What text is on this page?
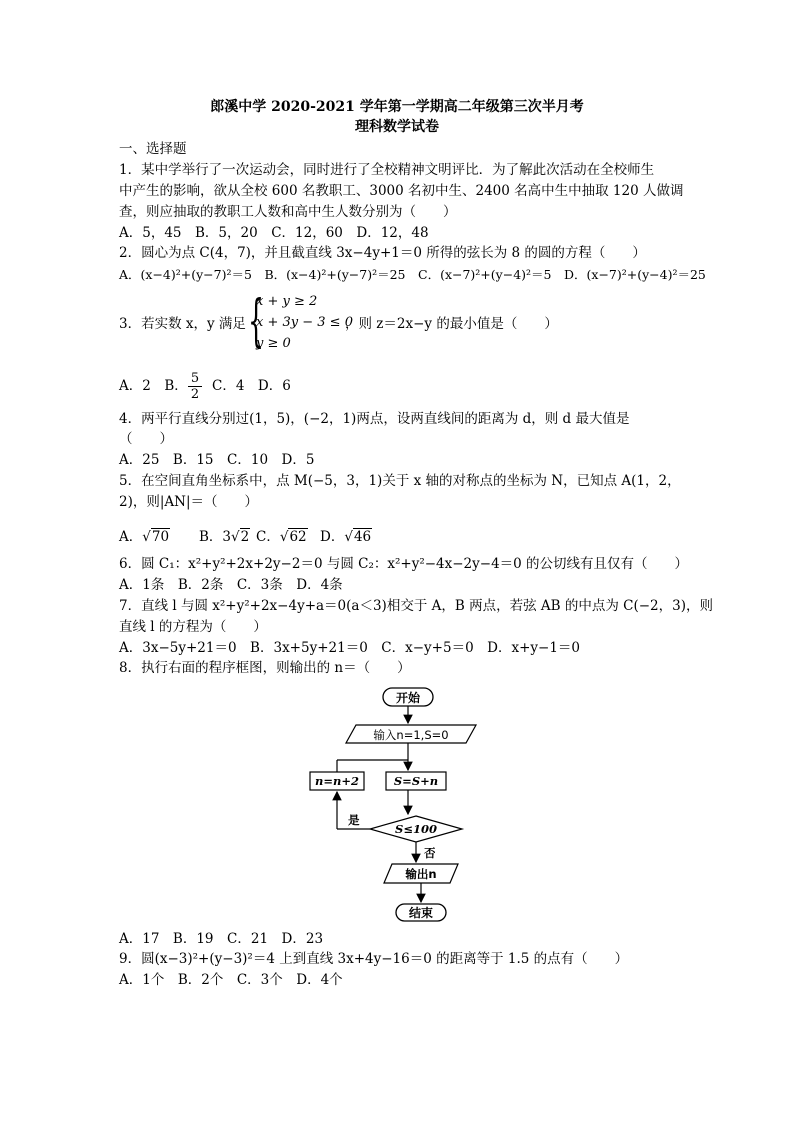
郎溪中学 2020-2021 学年第一学期高二年级第三次半月考
理科数学试卷
一、选择题
1．某中学举行了一次运动会，同时进行了全校精神文明评比．为了解此次活动在全校师生
中产生的影响，欲从全校 600 名教职工、3000 名初中生、2400 名高中生中抽取 120 人做调
查，则应抽取的教职工人数和高中生人数分别为（　　）
A．5，45　B．5，20　C．12，60　D．12，48
2．圆心为点 C(4，7)，并且截直线 3x−4y+1＝0 所得的弦长为 8 的圆的方程（　　）
A．(x−4)²+(y−7)²＝5　B．(x−4)²+(y−7)²＝25　C．(x−7)²+(y−4)²＝5　D．(x−7)²+(y−4)²＝25
3．若实数 x，y 满足 {
x + y ≥ 2
x + 3y − 3 ≤ 0
y ≥ 0
，则 z＝2x−y 的最小值是（　　）
A．2　B． 5
2
C．4　D．6
4．两平行直线分别过(1，5)，(−2，1)两点，设两直线间的距离为 d，则 d 最大值是
（　　）
A．25　B．15　C．10　D．5
5．在空间直角坐标系中，点 M(−5，3，1)关于 x 轴的对称点的坐标为 N，已知点 A(1，2，
2)，则|AN|＝（　　）
A．√70 B．3√2 C．√62 D．√46
6．圆 C₁：x²+y²+2x+2y−2＝0 与圆 C₂：x²+y²−4x−2y−4＝0 的公切线有且仅有（　　）
A．1条　B．2条　C．3条　D．4条
7．直线 l 与圆 x²+y²+2x−4y+a＝0(a＜3)相交于 A，B 两点，若弦 AB 的中点为 C(−2，3)，则
直线 l 的方程为（　　）
A．3x−5y+21＝0　B．3x+5y+21＝0　C．x−y+5＝0　D．x+y−1＝0
8．执行右面的程序框图，则输出的 n＝（　　）
开始
输入n=1,S=0
S=S+n
n=n+2
S≤100
是
否
输出n
结束
A．17　B．19　C．21　D．23
9．圆(x−3)²+(y−3)²＝4 上到直线 3x+4y−16＝0 的距离等于 1.5 的点有（　　）
A．1个　B．2个　C．3个　D．4个
